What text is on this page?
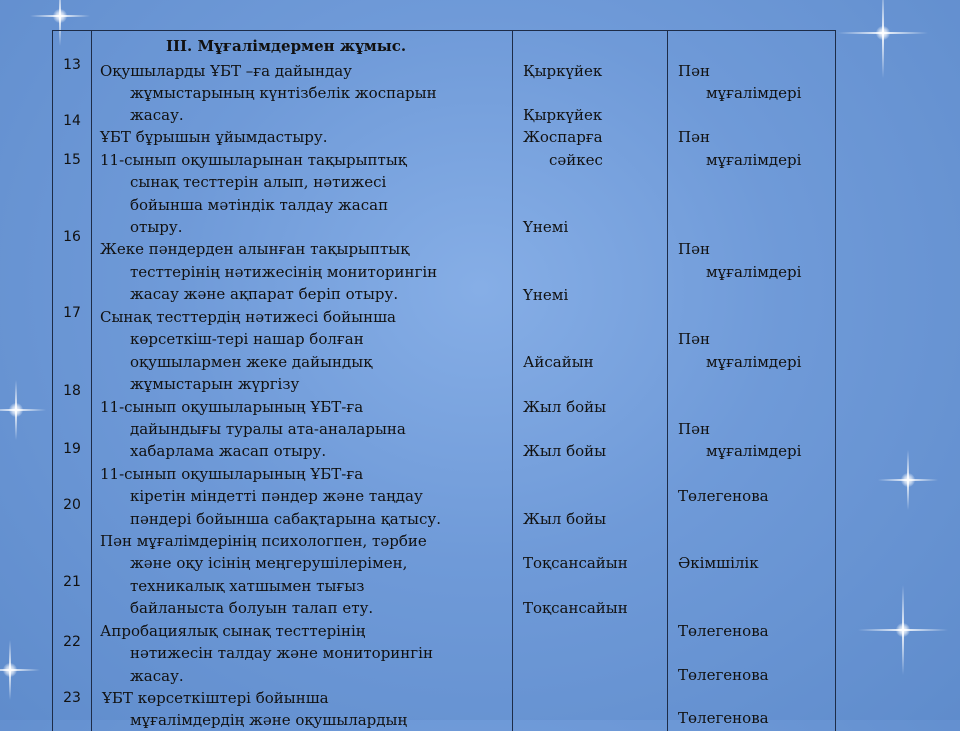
13
14
15
16
17
18
19
20
21
22
23
ІІІ. Мұғалімдермен жұмыс.
Оқушыларды ҰБТ –ға дайындау
жұмыстарының күнтізбелік жоспарын
жасау.
ҰБТ бұрышын ұйымдастыру.
11-сынып оқушыларынан тақырыптық
сынақ тесттерін алып, нәтижесі
бойынша мәтіндік талдау жасап
отыру.
Жеке пәндерден алынған тақырыптық
тесттерінің нәтижесінің мониторингін
жасау және ақпарат беріп отыру.
Сынақ тесттердің нәтижесі бойынша
көрсеткіш-тері нашар болған
оқушылармен жеке дайындық
жұмыстарын жүргізу
11-сынып оқушыларының ҰБТ-ға
дайындығы туралы ата-аналарына
хабарлама жасап отыру.
11-сынып оқушыларының ҰБТ-ға
кіретін міндетті пәндер және таңдау
пәндері бойынша сабақтарына қатысу.
Пән мұғалімдерінің психологпен, тәрбие
және оқу ісінің меңгерушілерімен,
техникалық хатшымен тығыз
байланыста болуын талап ету.
Апробациялық сынақ тесттерінің
нәтижесін талдау және мониторингін
жасау.
ҰБТ көрсеткіштері бойынша
мұғалімдердің және оқушылардың
Қыркүйек
Қыркүйек
Жоспарға
сәйкес
Үнемі
Үнемі
Айсайын
Жыл бойы
Жыл бойы
Жыл бойы
Тоқсансайын
Тоқсансайын
Пән
мұғалімдері
Пән
мұғалімдері
Пән
мұғалімдері
Пән
мұғалімдері
Пән
мұғалімдері
Төлегенова
Әкімшілік
Төлегенова
Төлегенова
Төлегенова
